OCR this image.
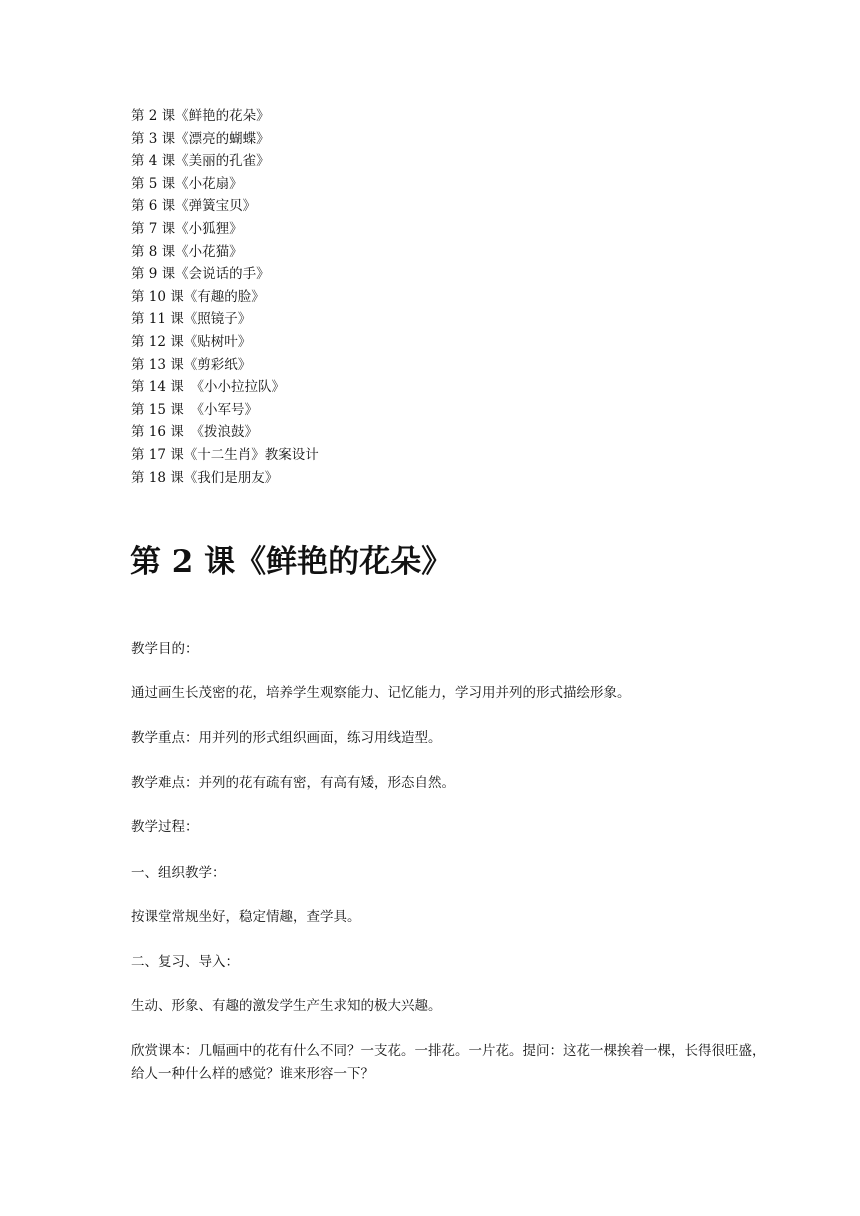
第 2 课《鲜艳的花朵》
第 3 课《漂亮的蝴蝶》
第 4 课《美丽的孔雀》
第 5 课《小花扇》
第 6 课《弹簧宝贝》
第 7 课《小狐狸》
第 8 课《小花猫》
第 9 课《会说话的手》
第 10 课《有趣的脸》
第 11 课《照镜子》
第 12 课《贴树叶》
第 13 课《剪彩纸》
第 14 课　《小小拉拉队》
第 15 课　《小军号》
第 16 课　《拨浪鼓》
第 17 课《十二生肖》教案设计
第 18 课《我们是朋友》
第 2 课《鲜艳的花朵》

教学目的：

通过画生长茂密的花，培养学生观察能力、记忆能力，学习用并列的形式描绘形象。

教学重点：用并列的形式组织画面，练习用线造型。

教学难点：并列的花有疏有密，有高有矮，形态自然。

教学过程：

一、组织教学：

按课堂常规坐好，稳定情趣，查学具。

二、复习、导入：

生动、形象、有趣的激发学生产生求知的极大兴趣。

欣赏课本：几幅画中的花有什么不同？一支花。一排花。一片花。提问：这花一棵挨着一棵，长得很旺盛，给人一种什么样的感觉？谁来形容一下？
